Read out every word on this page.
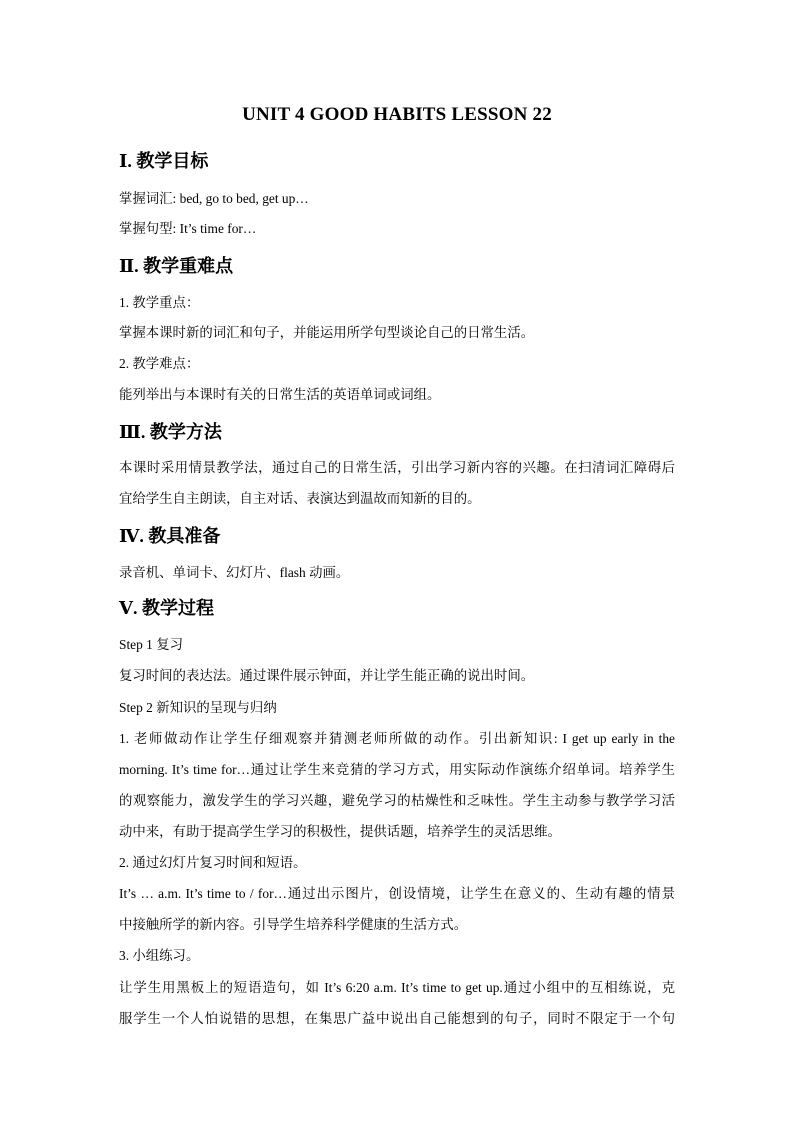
UNIT 4 GOOD HABITS LESSON 22
Ⅰ. 教学目标
掌握词汇: bed, go to bed, get up…
掌握句型: It’s time for…
Ⅱ. 教学重难点
1. 教学重点：
掌握本课时新的词汇和句子，并能运用所学句型谈论自己的日常生活。
2. 教学难点：
能列举出与本课时有关的日常生活的英语单词或词组。
Ⅲ. 教学方法
本课时采用情景教学法，通过自己的日常生活，引出学习新内容的兴趣。在扫清词汇障碍后
宜给学生自主朗读，自主对话、表演达到温故而知新的目的。
Ⅳ. 教具准备
录音机、单词卡、幻灯片、flash 动画。
Ⅴ. 教学过程
Step 1 复习
复习时间的表达法。通过课件展示钟面，并让学生能正确的说出时间。
Step 2 新知识的呈现与归纳
1. 老师做动作让学生仔细观察并猜测老师所做的动作。引出新知识: I get up early in the
morning. It’s time for…通过让学生来竞猜的学习方式，用实际动作演练介绍单词。培养学生
的观察能力，激发学生的学习兴趣，避免学习的枯燥性和乏味性。学生主动参与教学学习活
动中来，有助于提高学生学习的积极性，提供话题，培养学生的灵活思维。
2. 通过幻灯片复习时间和短语。
It’s … a.m. It’s time to / for…通过出示图片，创设情境，让学生在意义的、生动有趣的情景
中接触所学的新内容。引导学生培养科学健康的生活方式。
3. 小组练习。
让学生用黑板上的短语造句，如 It’s 6:20 a.m. It’s time to get up.通过小组中的互相练说，克
服学生一个人怕说错的思想，在集思广益中说出自己能想到的句子，同时不限定于一个句
